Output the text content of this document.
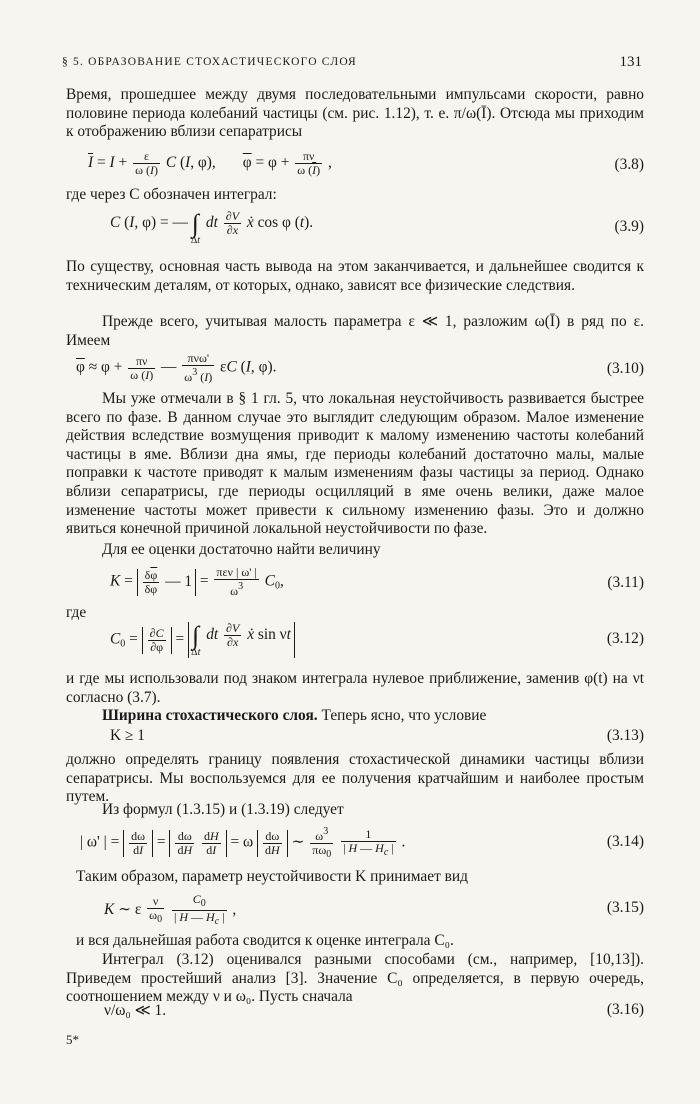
§ 5. ОБРАЗОВАНИЕ СТОХАСТИЧЕСКОГО СЛОЯ	131

Время, прошедшее между двумя последовательными импульсами скорости, равно половине периода колебаний частицы (см. рис. 1.12), т. е. π/ω(Ī). Отсюда мы приходим к отображению вблизи сепаратрисы

$\overline{I} = I + \frac{\varepsilon}{\omega (I)}$ C (I, φ),       $\overline{\varphi} = \varphi + \frac{\pi\nu}{\omega (\overline{I})}$ ,	(3.8)

где через C обозначен интеграл:

C (I, φ) = — ∫Δt dt $\frac{\partial V}{\partial x}$ ẋ cos φ (t).	(3.9)

По существу, основная часть вывода на этом заканчивается, и дальнейшее сводится к техническим деталям, от которых, однако, зависят все физические следствия.

Прежде всего, учитывая малость параметра ε ≪ 1, разложим ω(Ī) в ряд по ε. Имеем

$\overline{\varphi} \approx \varphi + \frac{\pi\nu}{\omega (I)}$ — $\frac{\text{πνω'}}{\omega^3 (I)}$ εC (I, φ).	(3.10)

Мы уже отмечали в § 1 гл. 5, что локальная неустойчивость развивается быстрее всего по фазе. В данном случае это выглядит следующим образом. Малое изменение действия вследствие возмущения приводит к малому изменению частоты колебаний частицы в яме. Вблизи дна ямы, где периоды колебаний достаточно малы, малые поправки к частоте приводят к малым изменениям фазы частицы за период. Однако вблизи сепаратрисы, где периоды осцилляций в яме очень велики, даже малое изменение частоты может привести к сильному изменению фазы. Это и должно явиться конечной причиной локальной неустойчивости по фазе.

Для ее оценки достаточно найти величину

$K = \frac{\delta\overline{\varphi}}{\delta\varphi}$ — $1 = \frac{\text{πεν | ω' |}}{\omega^3} C_0$,	(3.11)

где

$C_0 = \frac{\partial C}{\partial\varphi} = \int\Delta t$ dt $\frac{\partial V}{\partial x}$ ẋ sin νt	(3.12)

и где мы использовали под знаком интеграла нулевое приближение, заменив φ(t) на νt согласно (3.7).

Ширина стохастического слоя. Теперь ясно, что условие

K ≥ 1	(3.13)

должно определять границу появления стохастической динамики частицы вблизи сепаратрисы. Мы воспользуемся для ее получения кратчайшим и наиболее простым путем.

Из формул (1.3.15) и (1.3.19) следует

| ω' | = $\frac{d\omega}{dI} = \frac{d\omega}{dH}$
$\frac{dH}{dI} = \omega \frac{d\omega}{dH}$ ∼ $\frac{\omega^3}{\pi\omega_0}$
$\frac{1}{| H — H_c |}$ .	(3.14)

Таким образом, параметр неустойчивости K принимает вид

K ∼ ε $\frac{\nu}{\omega_0}$
$\frac{C_0}{| H — H_c |}$ ,	(3.15)

и вся дальнейшая работа сводится к оценке интеграла C₀.

Интеграл (3.12) оценивался разными способами (см., например, [10,13]). Приведем простейший анализ [3]. Значение C₀ определяется, в первую очередь, соотношением между ν и ω₀. Пусть сначала

ν/ω₀ ≪ 1.	(3.16)
5*
